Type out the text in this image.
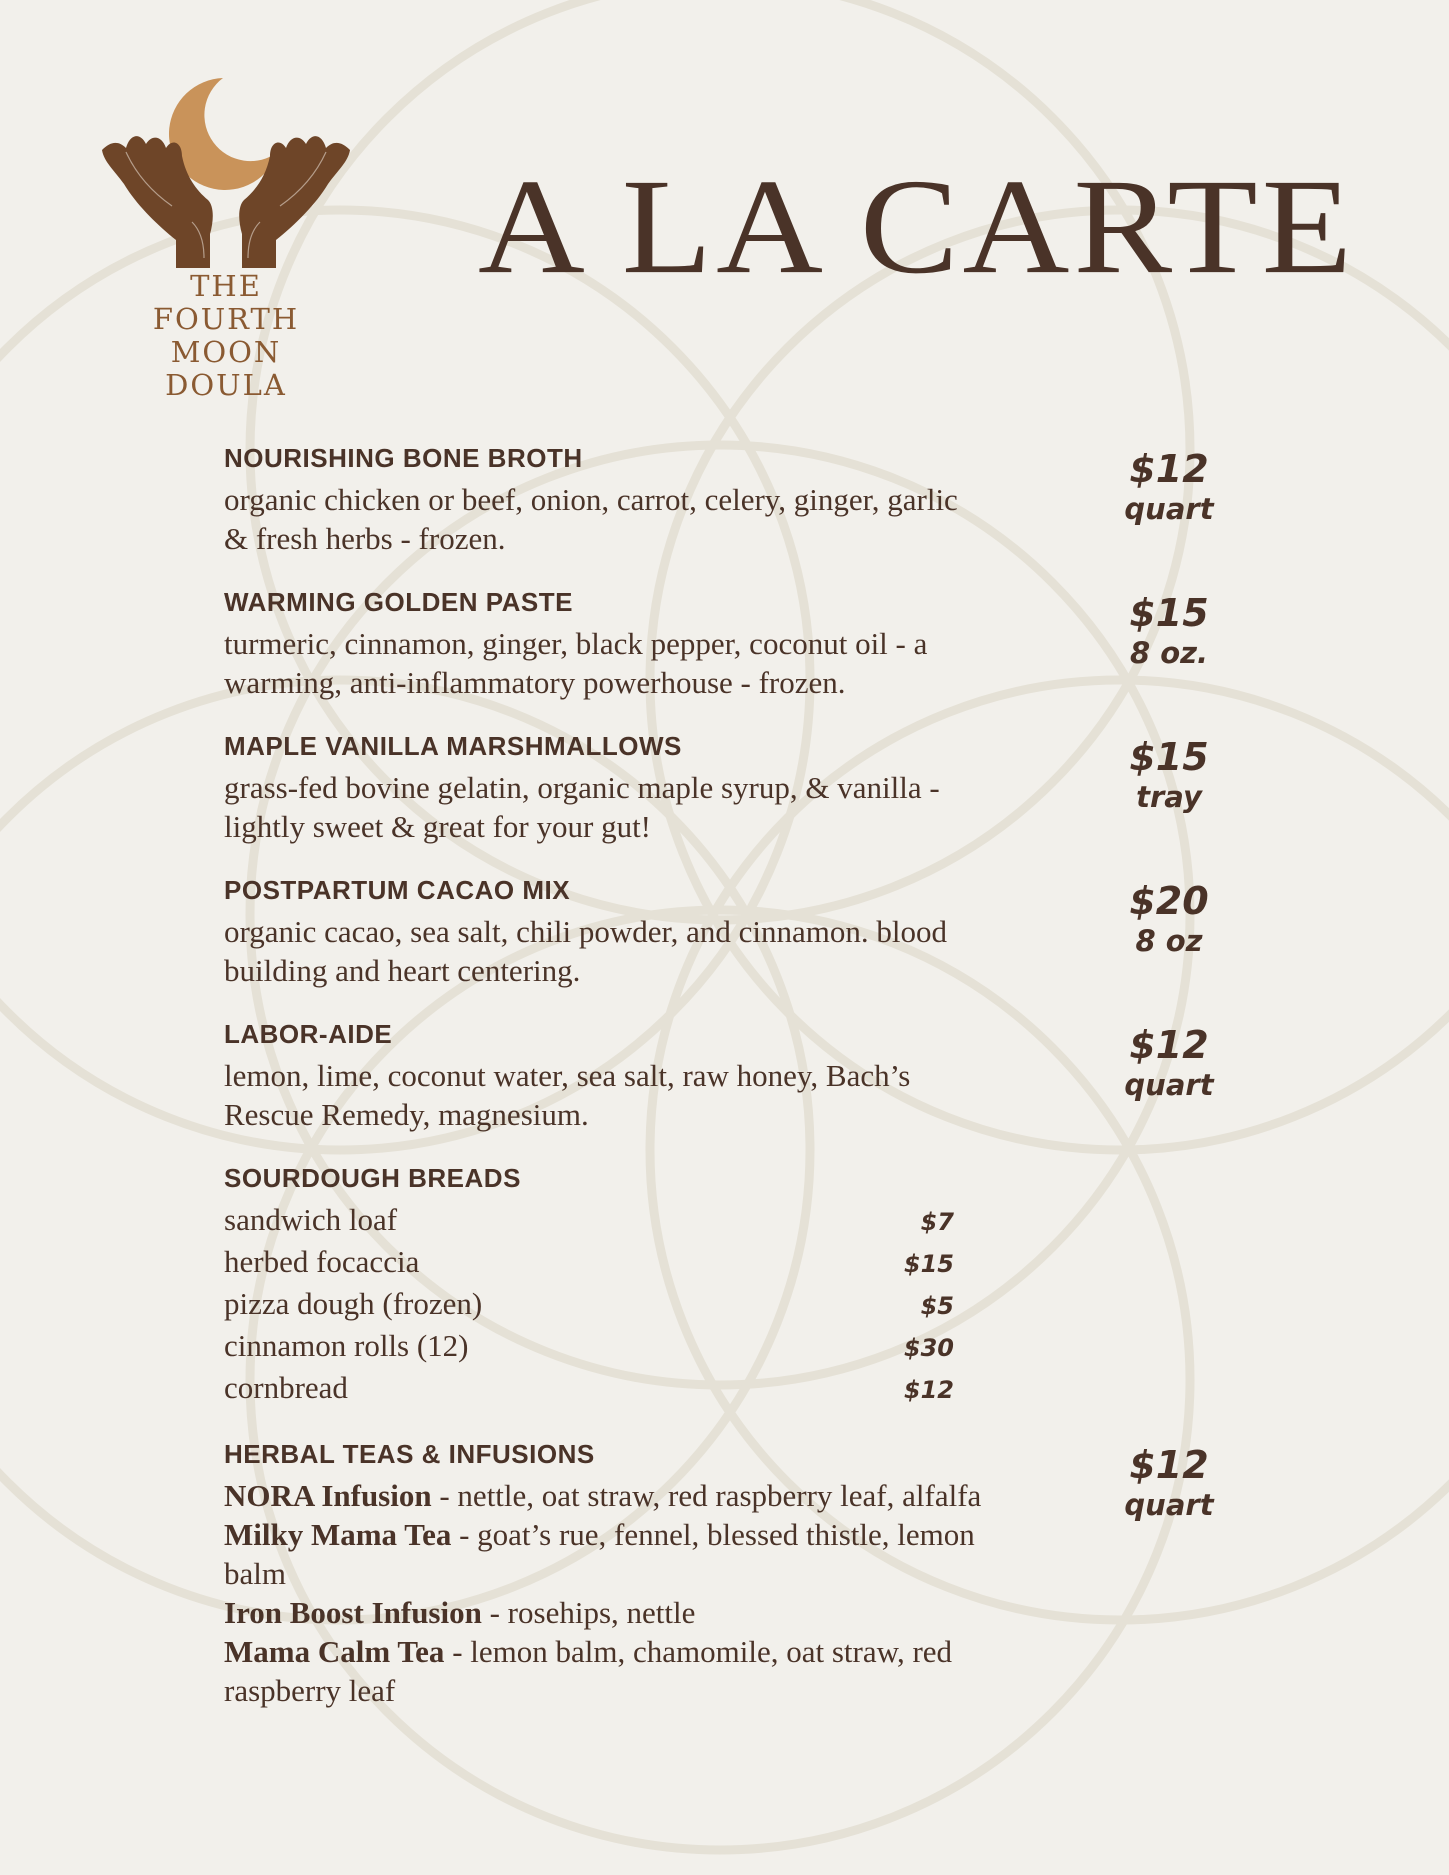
THE
FOURTH
MOON
DOULA
A LA CARTE
NOURISHING BONE BROTH
organic chicken or beef, onion, carrot, celery, ginger, garlic & fresh herbs - frozen.
$12
quart
WARMING GOLDEN PASTE
turmeric, cinnamon, ginger, black pepper, coconut oil - a warming, anti-inflammatory powerhouse - frozen.
$15
8 oz.
MAPLE VANILLA MARSHMALLOWS
grass-fed bovine gelatin, organic maple syrup, & vanilla - lightly sweet & great for your gut!
$15
tray
POSTPARTUM CACAO MIX
organic cacao, sea salt, chili powder, and cinnamon. blood building and heart centering.
$20
8 oz
LABOR-AIDE
lemon, lime, coconut water, sea salt, raw honey, Bach’s Rescue Remedy, magnesium.
$12
quart
SOURDOUGH BREADS
sandwich loaf	$7
herbed focaccia	$15
pizza dough (frozen)	$5
cinnamon rolls (12)	$30
cornbread	$12
HERBAL TEAS & INFUSIONS
NORA Infusion - nettle, oat straw, red raspberry leaf, alfalfa
Milky Mama Tea - goat’s rue, fennel, blessed thistle, lemon balm
Iron Boost Infusion - rosehips, nettle
Mama Calm Tea - lemon balm, chamomile, oat straw, red raspberry leaf
$12
quart
